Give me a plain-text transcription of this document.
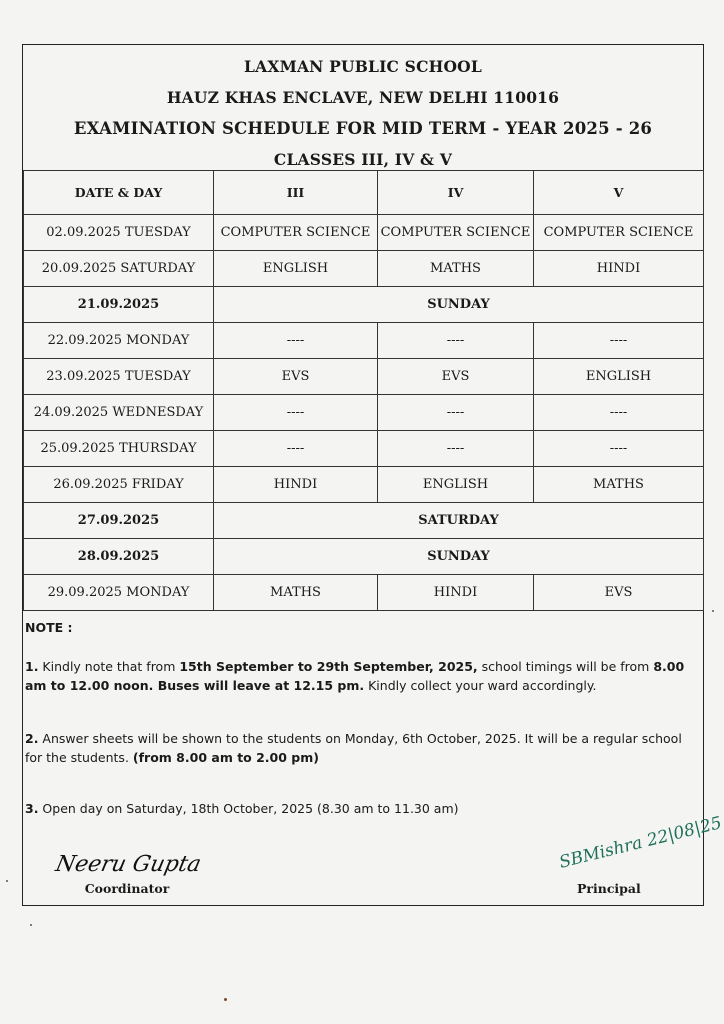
LAXMAN PUBLIC SCHOOL
HAUZ KHAS ENCLAVE, NEW DELHI 110016
EXAMINATION SCHEDULE FOR MID TERM - YEAR 2025 - 26
CLASSES III, IV & V
DATE & DAY	III	IV	V
02.09.2025 TUESDAY	COMPUTER SCIENCE	COMPUTER SCIENCE	COMPUTER SCIENCE
20.09.2025 SATURDAY	ENGLISH	MATHS	HINDI
21.09.2025	SUNDAY		
22.09.2025 MONDAY	----	----	----
23.09.2025 TUESDAY	EVS	EVS	ENGLISH
24.09.2025 WEDNESDAY	----	----	----
25.09.2025 THURSDAY	----	----	----
26.09.2025 FRIDAY	HINDI	ENGLISH	MATHS
27.09.2025	SATURDAY		
28.09.2025	SUNDAY		
29.09.2025 MONDAY	MATHS	HINDI	EVS
NOTE :
1. Kindly note that from 15th September to 29th September, 2025, school timings will be from 8.00 am to 12.00 noon. Buses will leave at 12.15 pm. Kindly collect your ward accordingly.
2. Answer sheets will be shown to the students on Monday, 6th October, 2025. It will be a regular school for the students. (from 8.00 am to 2.00 pm)
3. Open day on Saturday, 18th October, 2025 (8.30 am to 11.30 am)
Neeru Gupta
Coordinator
SBMishra 22|08|25
Principal
